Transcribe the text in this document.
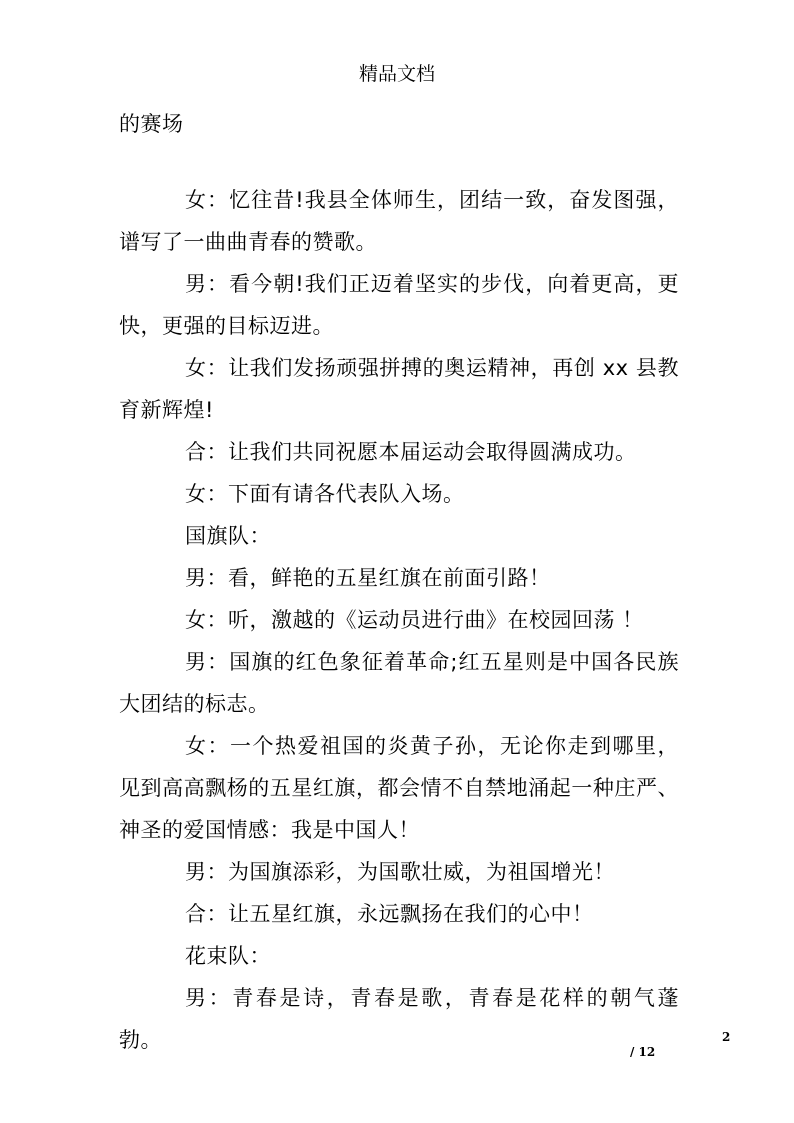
精品文档

的赛场

女：忆往昔!我县全体师生，团结一致，奋发图强，谱写了一曲曲青春的赞歌。

男：看今朝!我们正迈着坚实的步伐，向着更高，更快，更强的目标迈进。

女：让我们发扬顽强拼搏的奥运精神，再创 xx 县教育新辉煌!

合：让我们共同祝愿本届运动会取得圆满成功。

女：下面有请各代表队入场。

国旗队：

男：看，鲜艳的五星红旗在前面引路！

女：听，激越的《运动员进行曲》在校园回荡 ！

男：国旗的红色象征着革命;红五星则是中国各民族大团结的标志。

女：一个热爱祖国的炎黄子孙，无论你走到哪里，见到高高飘杨的五星红旗，都会情不自禁地涌起一种庄严、神圣的爱国情感：我是中国人！

男：为国旗添彩，为国歌壮威，为祖国增光！

合：让五星红旗，永远飘扬在我们的心中！

花束队：

男：青春是诗，青春是歌，青春是花样的朝气蓬勃。	2
/ 12
